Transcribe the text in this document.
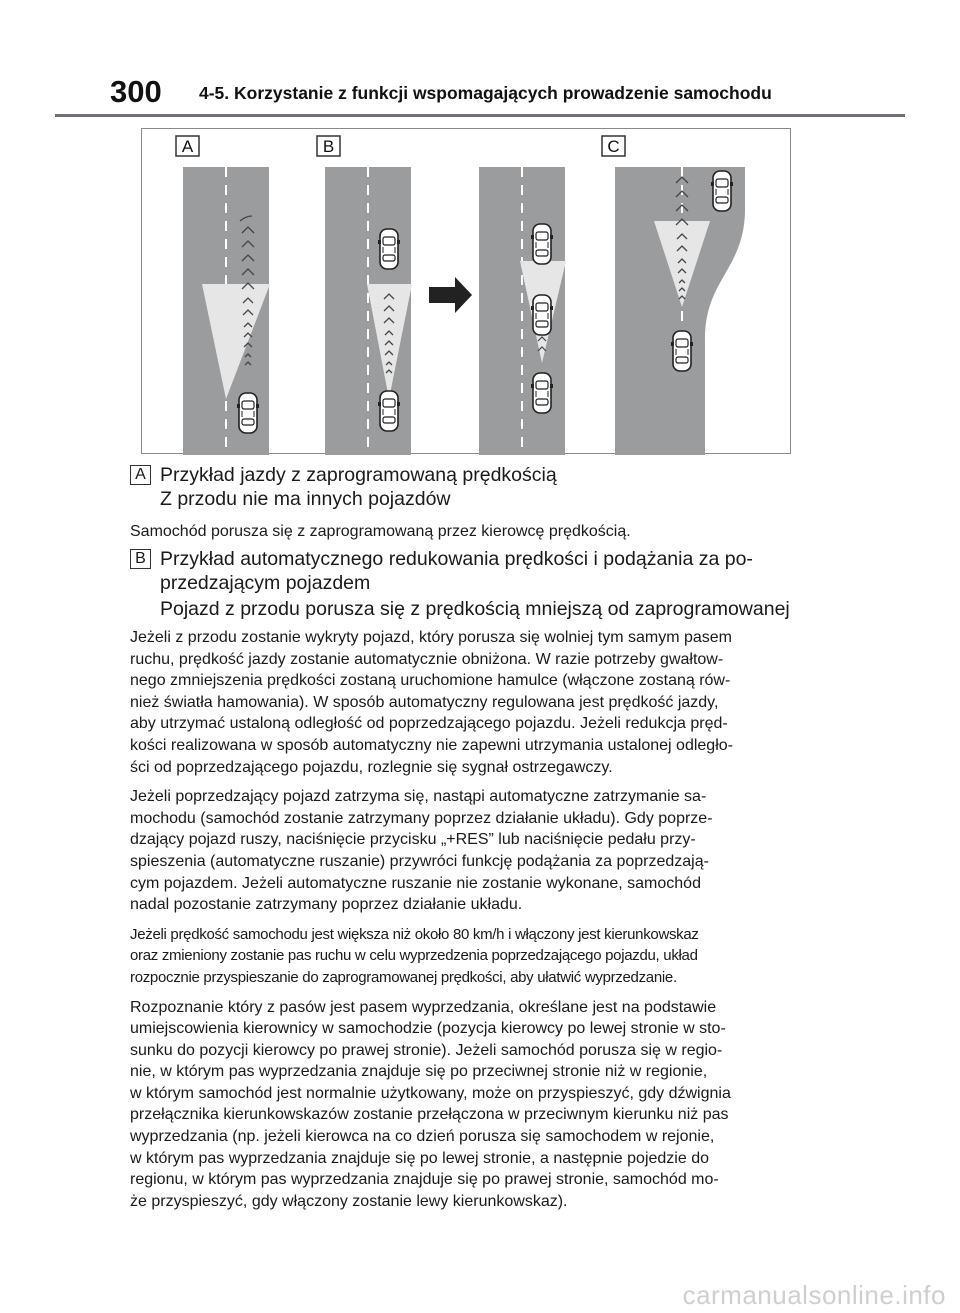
300 4-5. Korzystanie z funkcji wspomagających prowadzenie samochodu
A	B	C
A Przykład jazdy z zaprogramowaną prędkością
Z przodu nie ma innych pojazdów

Samochód porusza się z zaprogramowaną przez kierowcę prędkością.

B Przykład automatycznego redukowania prędkości i podążania za po-
przedzającym pojazdem
Pojazd z przodu porusza się z prędkością mniejszą od zaprogramowanej

Jeżeli z przodu zostanie wykryty pojazd, który porusza się wolniej tym samym pasem
ruchu, prędkość jazdy zostanie automatycznie obniżona. W razie potrzeby gwałtow-
nego zmniejszenia prędkości zostaną uruchomione hamulce (włączone zostaną rów-
nież światła hamowania). W sposób automatyczny regulowana jest prędkość jazdy,
aby utrzymać ustaloną odległość od poprzedzającego pojazdu. Jeżeli redukcja pręd-
kości realizowana w sposób automatyczny nie zapewni utrzymania ustalonej odległo-
ści od poprzedzającego pojazdu, rozlegnie się sygnał ostrzegawczy.

Jeżeli poprzedzający pojazd zatrzyma się, nastąpi automatyczne zatrzymanie sa-
mochodu (samochód zostanie zatrzymany poprzez działanie układu). Gdy poprze-
dzający pojazd ruszy, naciśnięcie przycisku „+RES” lub naciśnięcie pedału przy-
spieszenia (automatyczne ruszanie) przywróci funkcję podążania za poprzedzają-
cym pojazdem. Jeżeli automatyczne ruszanie nie zostanie wykonane, samochód
nadal pozostanie zatrzymany poprzez działanie układu.

Jeżeli prędkość samochodu jest większa niż około 80 km/h i włączony jest kierunkowskaz
oraz zmieniony zostanie pas ruchu w celu wyprzedzenia poprzedzającego pojazdu, układ
rozpocznie przyspieszanie do zaprogramowanej prędkości, aby ułatwić wyprzedzanie.

Rozpoznanie który z pasów jest pasem wyprzedzania, określane jest na podstawie
umiejscowienia kierownicy w samochodzie (pozycja kierowcy po lewej stronie w sto-
sunku do pozycji kierowcy po prawej stronie). Jeżeli samochód porusza się w regio-
nie, w którym pas wyprzedzania znajduje się po przeciwnej stronie niż w regionie,
w którym samochód jest normalnie użytkowany, może on przyspieszyć, gdy dźwignia
przełącznika kierunkowskazów zostanie przełączona w przeciwnym kierunku niż pas
wyprzedzania (np. jeżeli kierowca na co dzień porusza się samochodem w rejonie,
w którym pas wyprzedzania znajduje się po lewej stronie, a następnie pojedzie do
regionu, w którym pas wyprzedzania znajduje się po prawej stronie, samochód mo-
że przyspieszyć, gdy włączony zostanie lewy kierunkowskaz).

carmanualsonline.info
